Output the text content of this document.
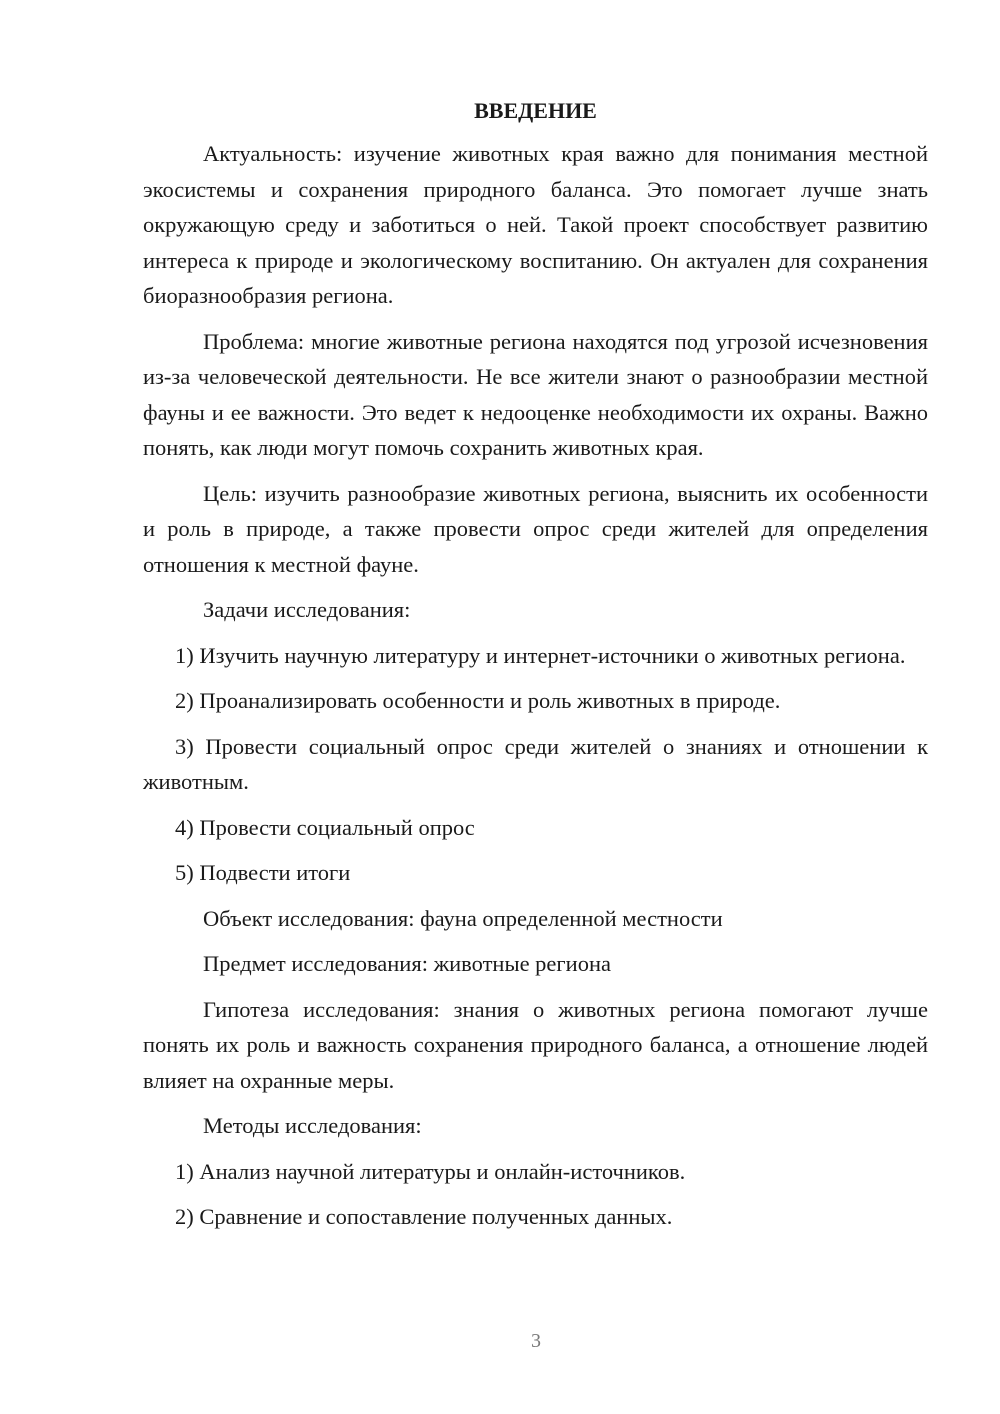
ВВЕДЕНИЕ

Актуальность: изучение животных края важно для понимания местной экосистемы и сохранения природного баланса. Это помогает лучше знать окружающую среду и заботиться о ней. Такой проект способствует развитию интереса к природе и экологическому воспитанию. Он актуален для сохранения биоразнообразия региона.

Проблема: многие животные региона находятся под угрозой исчезновения из-за человеческой деятельности. Не все жители знают о разнообразии местной фауны и ее важности. Это ведет к недооценке необходимости их охраны. Важно понять, как люди могут помочь сохранить животных края.

Цель: изучить разнообразие животных региона, выяснить их особенности и роль в природе, а также провести опрос среди жителей для определения отношения к местной фауне.

Задачи исследования:

1) Изучить научную литературу и интернет-источники о животных региона.

2) Проанализировать особенности и роль животных в природе.

3) Провести социальный опрос среди жителей о знаниях и отношении к животным.

4) Провести социальный опрос

5) Подвести итоги

Объект исследования: фауна определенной местности

Предмет исследования: животные региона

Гипотеза исследования: знания о животных региона помогают лучше понять их роль и важность сохранения природного баланса, а отношение людей влияет на охранные меры.

Методы исследования:

1) Анализ научной литературы и онлайн-источников.

2) Сравнение и сопоставление полученных данных.

3
